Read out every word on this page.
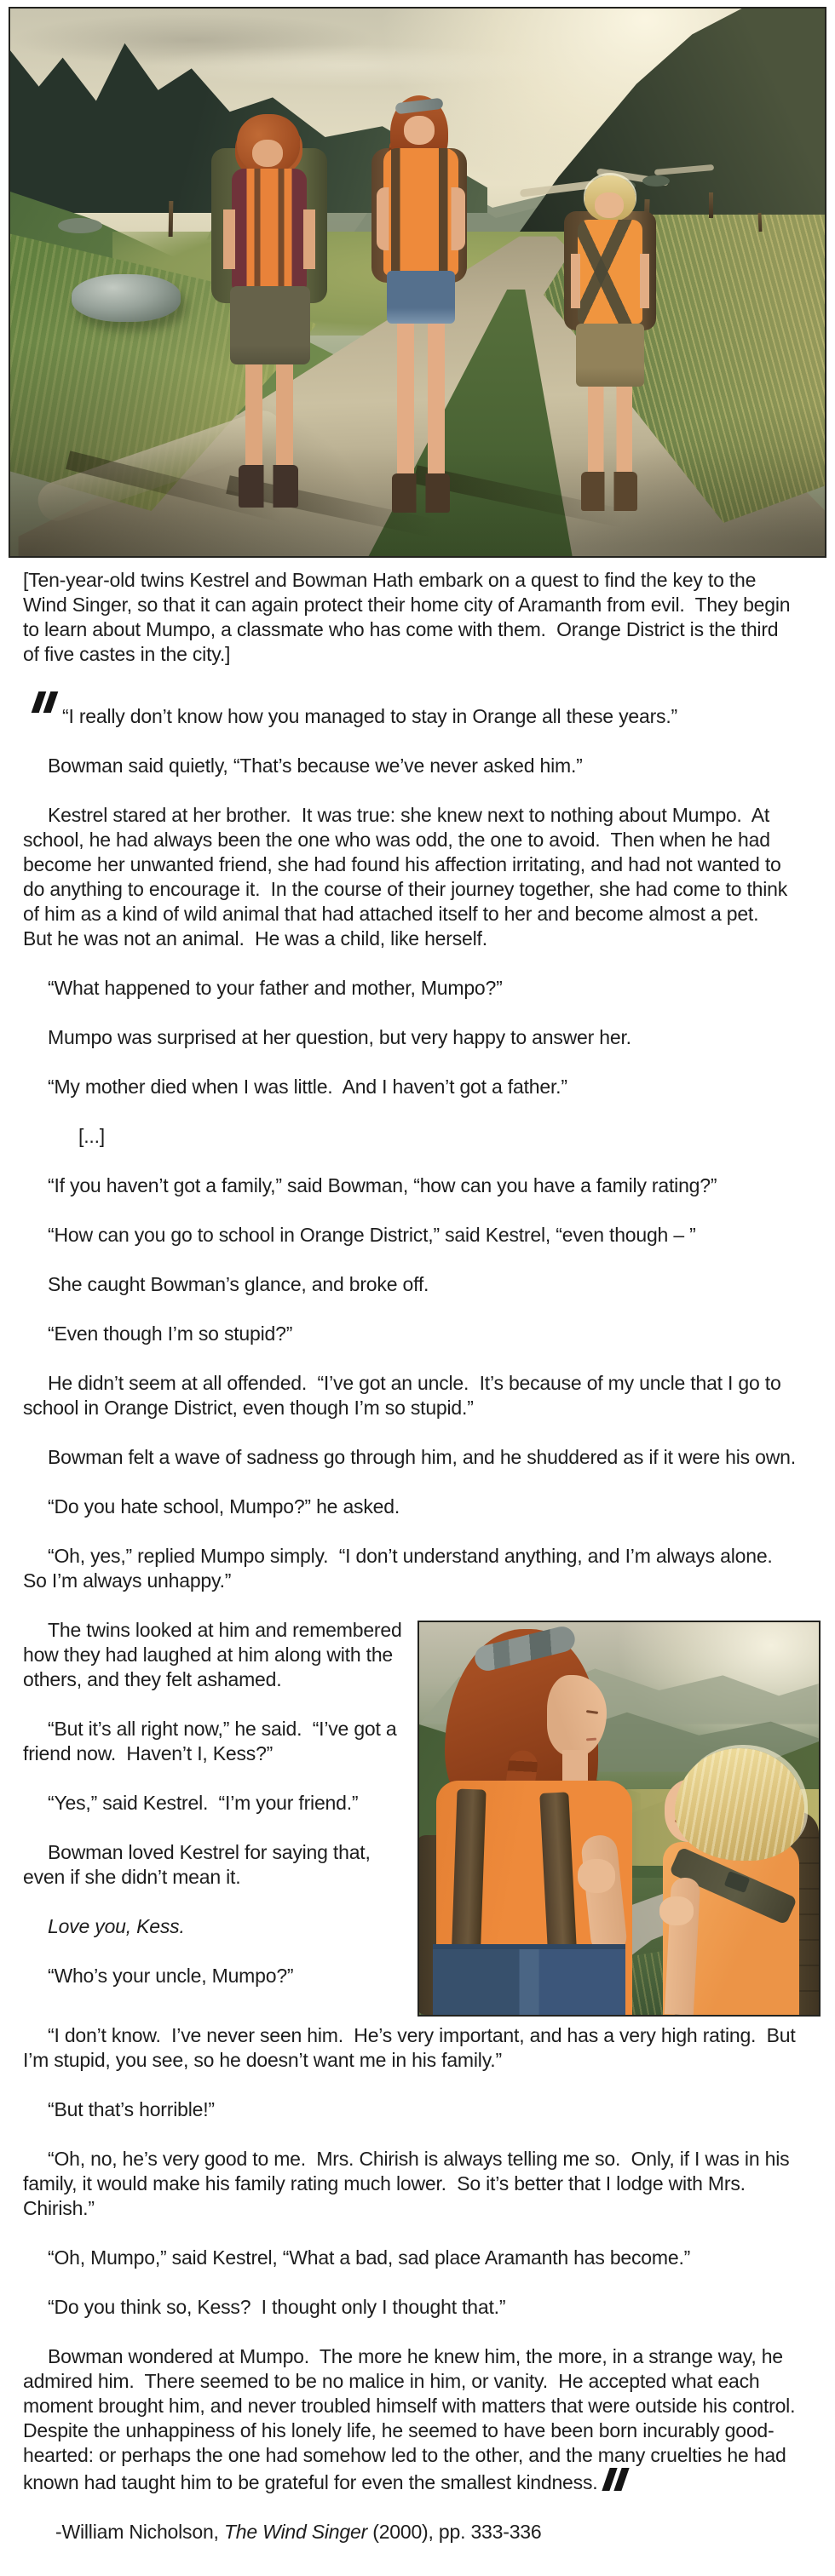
[Ten-year-old twins Kestrel and Bowman Hath embark on a quest to find the key to the Wind Singer, so that it can again protect their home city of Aramanth from evil.  They begin to learn about Mumpo, a classmate who has come with them.  Orange District is the third of five castes in the city.]

“I really don’t know how you managed to stay in Orange all these years.”

Bowman said quietly, “That’s because we’ve never asked him.”

Kestrel stared at her brother.  It was true: she knew next to nothing about Mumpo.  At school, he had always been the one who was odd, the one to avoid.  Then when he had become her unwanted friend, she had found his affection irritating, and had not wanted to do anything to encourage it.  In the course of their journey together, she had come to think of him as a kind of wild animal that had attached itself to her and become almost a pet.  But he was not an animal.  He was a child, like herself.

“What happened to your father and mother, Mumpo?”

Mumpo was surprised at her question, but very happy to answer her.

“My mother died when I was little.  And I haven’t got a father.”

[...]

“If you haven’t got a family,” said Bowman, “how can you have a family rating?”

“How can you go to school in Orange District,” said Kestrel, “even though – ”

She caught Bowman’s glance, and broke off.

“Even though I’m so stupid?”

He didn’t seem at all offended.  “I’ve got an uncle.  It’s because of my uncle that I go to school in Orange District, even though I’m so stupid.”

Bowman felt a wave of sadness go through him, and he shuddered as if it were his own.

“Do you hate school, Mumpo?” he asked.

“Oh, yes,” replied Mumpo simply.  “I don’t understand anything, and I’m always alone.  So I’m always unhappy.”

The twins looked at him and remembered how they had laughed at him along with the others, and they felt ashamed.

“But it’s all right now,” he said.  “I’ve got a friend now.  Haven’t I, Kess?”

“Yes,” said Kestrel.  “I’m your friend.”

Bowman loved Kestrel for saying that, even if she didn’t mean it.

Love you, Kess.

“Who’s your uncle, Mumpo?”

“I don’t know.  I’ve never seen him.  He’s very important, and has a very high rating.  But I’m stupid, you see, so he doesn’t want me in his family.”

“But that’s horrible!”

“Oh, no, he’s very good to me.  Mrs. Chirish is always telling me so.  Only, if I was in his family, it would make his family rating much lower.  So it’s better that I lodge with Mrs. Chirish.”

“Oh, Mumpo,” said Kestrel, “What a bad, sad place Aramanth has become.”

“Do you think so, Kess?  I thought only I thought that.”

Bowman wondered at Mumpo.  The more he knew him, the more, in a strange way, he admired him.  There seemed to be no malice in him, or vanity.  He accepted what each moment brought him, and never troubled himself with matters that were outside his control.  Despite the unhappiness of his lonely life, he seemed to have been born incurably good-hearted: or perhaps the one had somehow led to the other, and the many cruelties he had known had taught him to be grateful for even the smallest kindness.

-William Nicholson, The Wind Singer (2000), pp. 333-336
